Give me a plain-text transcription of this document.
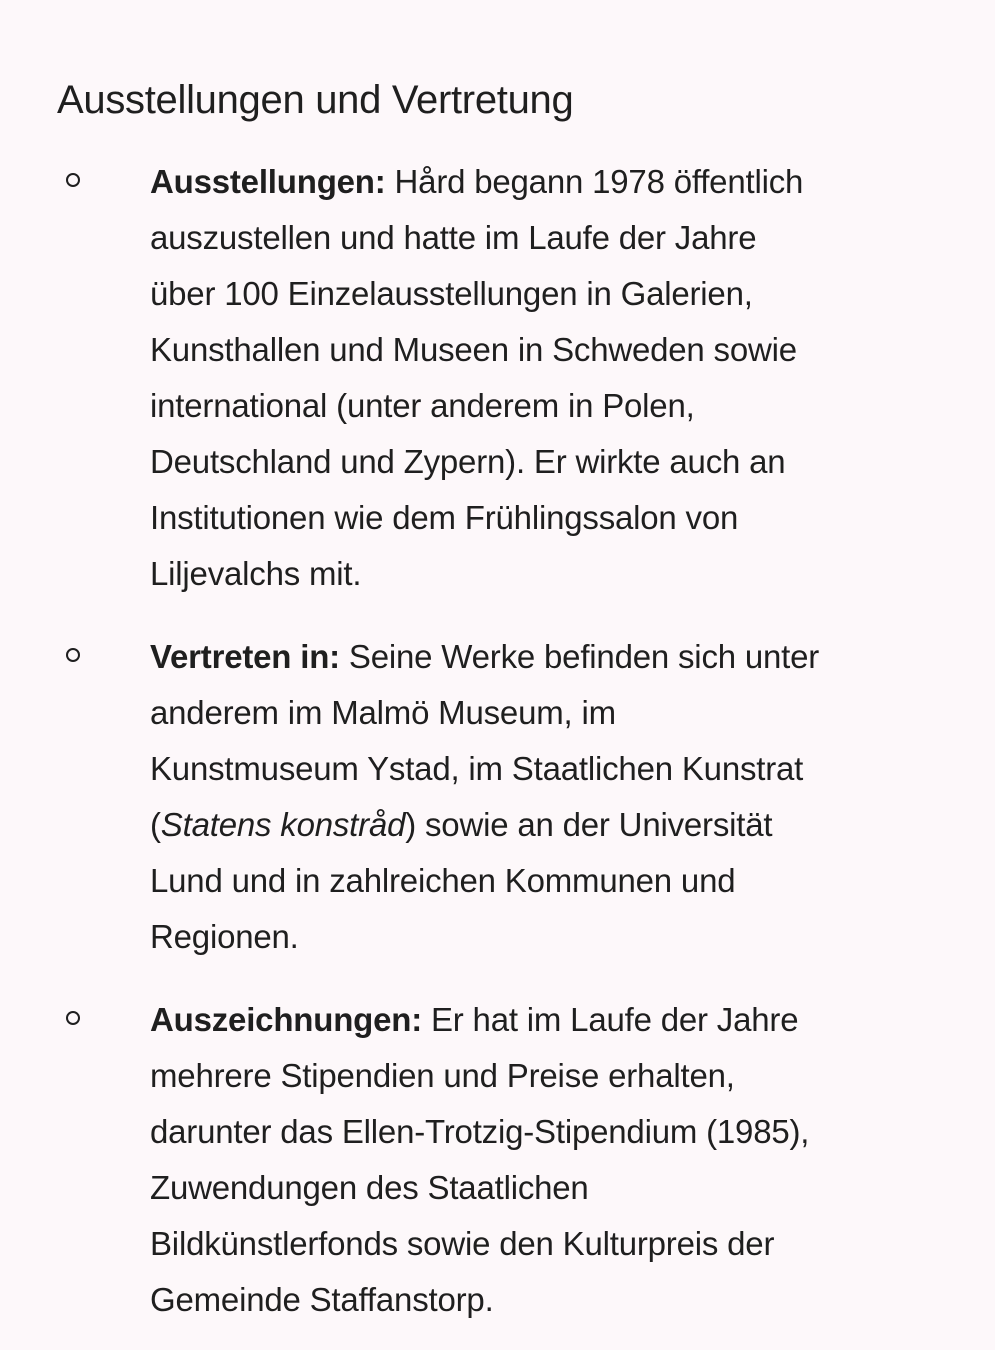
Ausstellungen und Vertretung
Ausstellungen: Hård begann 1978 öffentlich
auszustellen und hatte im Laufe der Jahre
über 100 Einzelausstellungen in Galerien,
Kunsthallen und Museen in Schweden sowie
international (unter anderem in Polen,
Deutschland und Zypern). Er wirkte auch an
Institutionen wie dem Frühlingssalon von
Liljevalchs mit.
Vertreten in: Seine Werke befinden sich unter
anderem im Malmö Museum, im
Kunstmuseum Ystad, im Staatlichen Kunstrat
(Statens konstråd) sowie an der Universität
Lund und in zahlreichen Kommunen und
Regionen.
Auszeichnungen: Er hat im Laufe der Jahre
mehrere Stipendien und Preise erhalten,
darunter das Ellen-Trotzig-Stipendium (1985),
Zuwendungen des Staatlichen
Bildkünstlerfonds sowie den Kulturpreis der
Gemeinde Staffanstorp.
